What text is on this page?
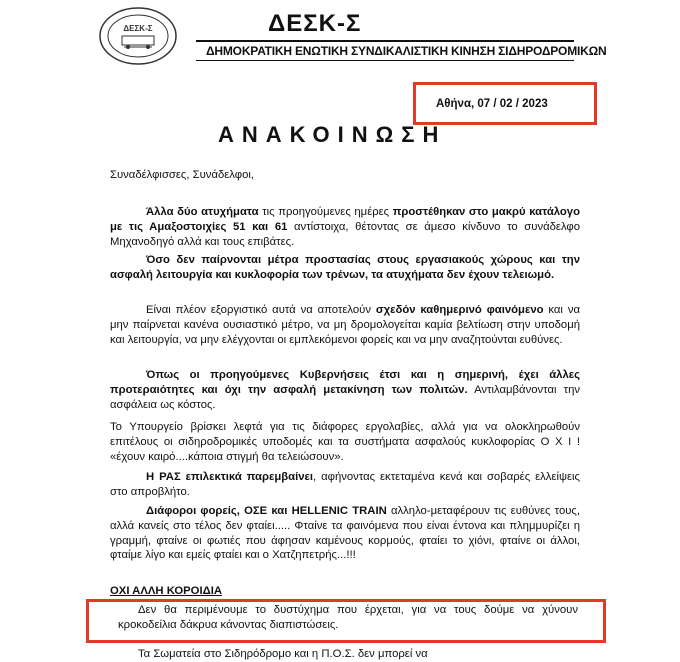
ΔΕΣΚ-Σ	ΔΕΣΚ-Σ
ΔΗΜΟΚΡΑΤΙΚΗ ΕΝΩΤΙΚΗ ΣΥΝΔΙΚΑΛΙΣΤΙΚΗ ΚΙΝΗΣΗ ΣΙΔΗΡΟΔΡΟΜΙΚΩΝ
Αθήνα, 07 / 02 / 2023
ΑΝΑΚΟΙΝΩΣΗ
Συναδέλφισσες, Συνάδελφοι,
Άλλα δύο ατυχήματα τις προηγούμενες ημέρες προστέθηκαν στο μακρύ κατάλογο με τις Αμαξοστοιχίες 51 και 61 αντίστοιχα, θέτοντας σε άμεσο κίνδυνο το συνάδελφο Μηχανοδηγό αλλά και τους επιβάτες.
Όσο δεν παίρνονται μέτρα προστασίας στους εργασιακούς χώρους και την ασφαλή λειτουργία και κυκλοφορία των τρένων, τα ατυχήματα δεν έχουν τελειωμό.
Είναι πλέον εξοργιστικό αυτά να αποτελούν σχεδόν καθημερινό φαινόμενο και να μην παίρνεται κανένα ουσιαστικό μέτρο, να μη δρομολογείται καμία βελτίωση στην υποδομή και λειτουργία, να μην ελέγχονται οι εμπλεκόμενοι φορείς και να μην αναζητούνται ευθύνες.
Όπως οι προηγούμενες Κυβερνήσεις έτσι και η σημερινή, έχει άλλες προτεραιότητες και όχι την ασφαλή μετακίνηση των πολιτών. Αντιλαμβάνονται την ασφάλεια ως κόστος.
Το Υπουργείο βρίσκει λεφτά για τις διάφορες εργολαβίες, αλλά για να ολοκληρωθούν επιτέλους οι σιδηροδρομικές υποδομές και τα συστήματα ασφαλούς κυκλοφορίας Ο Χ Ι ! «έχουν καιρό....κάποια στιγμή θα τελειώσουν».
Η ΡΑΣ επιλεκτικά παρεμβαίνει, αφήνοντας εκτεταμένα κενά και σοβαρές ελλείψεις στο απροβλήτο.
Διάφοροι φορείς, ΟΣΕ και HELLENIC TRAIN αλληλο-μεταφέρουν τις ευθύνες τους, αλλά κανείς στο τέλος δεν φταίει..... Φταίνε τα φαινόμενα που είναι έντονα και πλημμυρίζει η γραμμή, φταίνε οι φωτιές που άφησαν καμένους κορμούς, φταίει το χιόνι, φταίνε οι άλλοι, φταίμε λίγο και εμείς φταίει και ο Χατζηπετρής...!!!
ΟΧΙ ΑΛΛΗ ΚΟΡΟΙΔΙΑ
Δεν θα περιμένουμε το δυστύχημα που έρχεται, για να τους δούμε να χύνουν κροκοδείλια δάκρυα κάνοντας διαπιστώσεις.
Τα Σωματεία στο Σιδηρόδρομο και η Π.Ο.Σ. δεν μπορεί να
